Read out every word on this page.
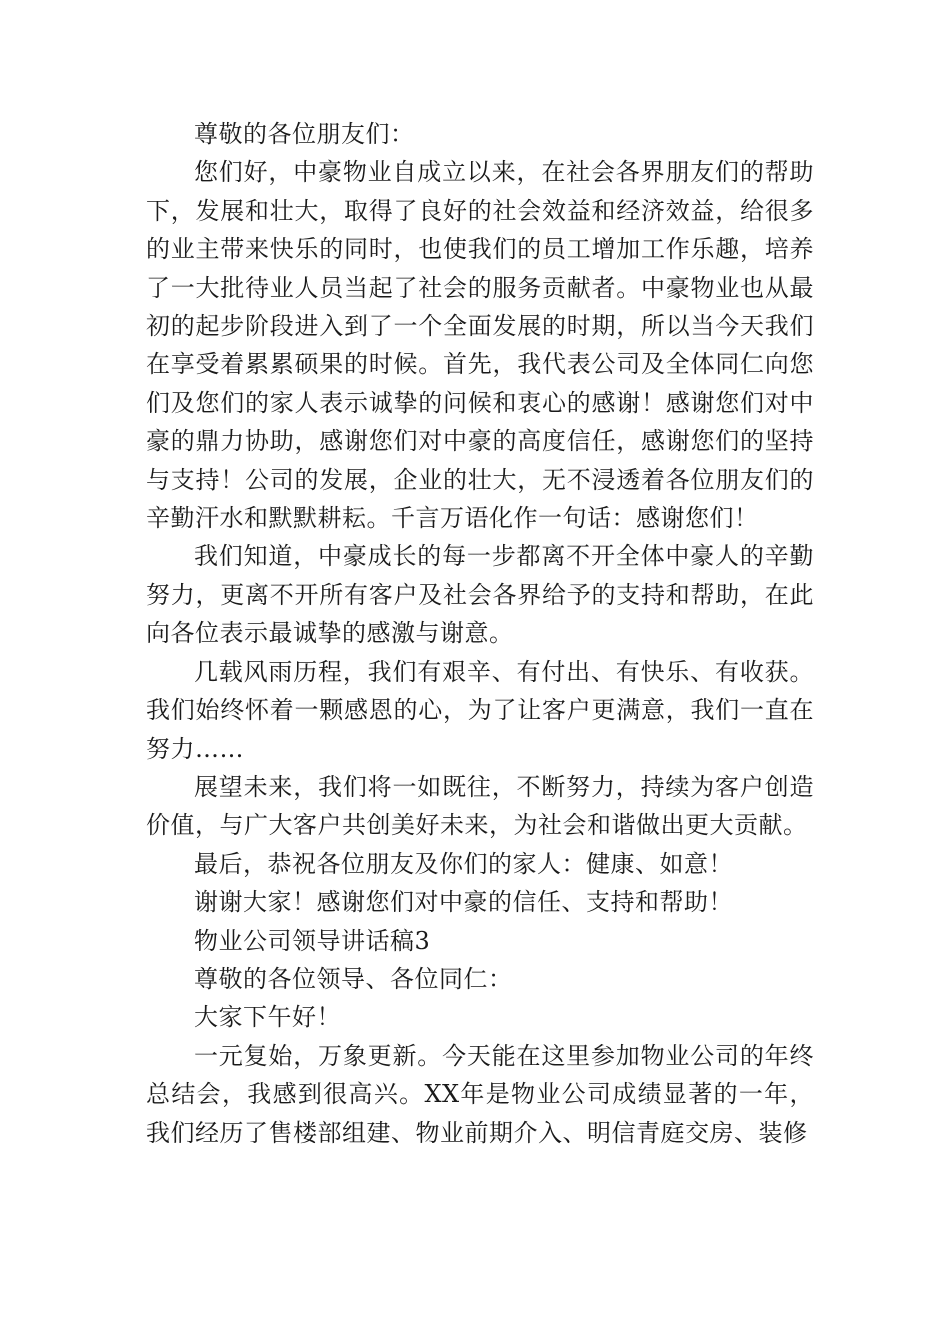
尊敬的各位朋友们：

您们好，中豪物业自成立以来，在社会各界朋友们的帮助下，发展和壮大，取得了良好的社会效益和经济效益，给很多的业主带来快乐的同时，也使我们的员工增加工作乐趣，培养了一大批待业人员当起了社会的服务贡献者。中豪物业也从最初的起步阶段进入到了一个全面发展的时期，所以当今天我们在享受着累累硕果的时候。首先，我代表公司及全体同仁向您们及您们的家人表示诚挚的问候和衷心的感谢！感谢您们对中豪的鼎力协助，感谢您们对中豪的高度信任，感谢您们的坚持与支持！公司的发展，企业的壮大，无不浸透着各位朋友们的辛勤汗水和默默耕耘。千言万语化作一句话：感谢您们！

我们知道，中豪成长的每一步都离不开全体中豪人的辛勤努力，更离不开所有客户及社会各界给予的支持和帮助，在此向各位表示最诚挚的感激与谢意。

几载风雨历程，我们有艰辛、有付出、有快乐、有收获。我们始终怀着一颗感恩的心，为了让客户更满意，我们一直在努力……

展望未来，我们将一如既往，不断努力，持续为客户创造价值，与广大客户共创美好未来，为社会和谐做出更大贡献。

最后，恭祝各位朋友及你们的家人：健康、如意！

谢谢大家！感谢您们对中豪的信任、支持和帮助！

物业公司领导讲话稿3

尊敬的各位领导、各位同仁：

大家下午好！

一元复始，万象更新。今天能在这里参加物业公司的年终总结会，我感到很高兴。XX年是物业公司成绩显著的一年，我们经历了售楼部组建、物业前期介入、明信青庭交房、装修
